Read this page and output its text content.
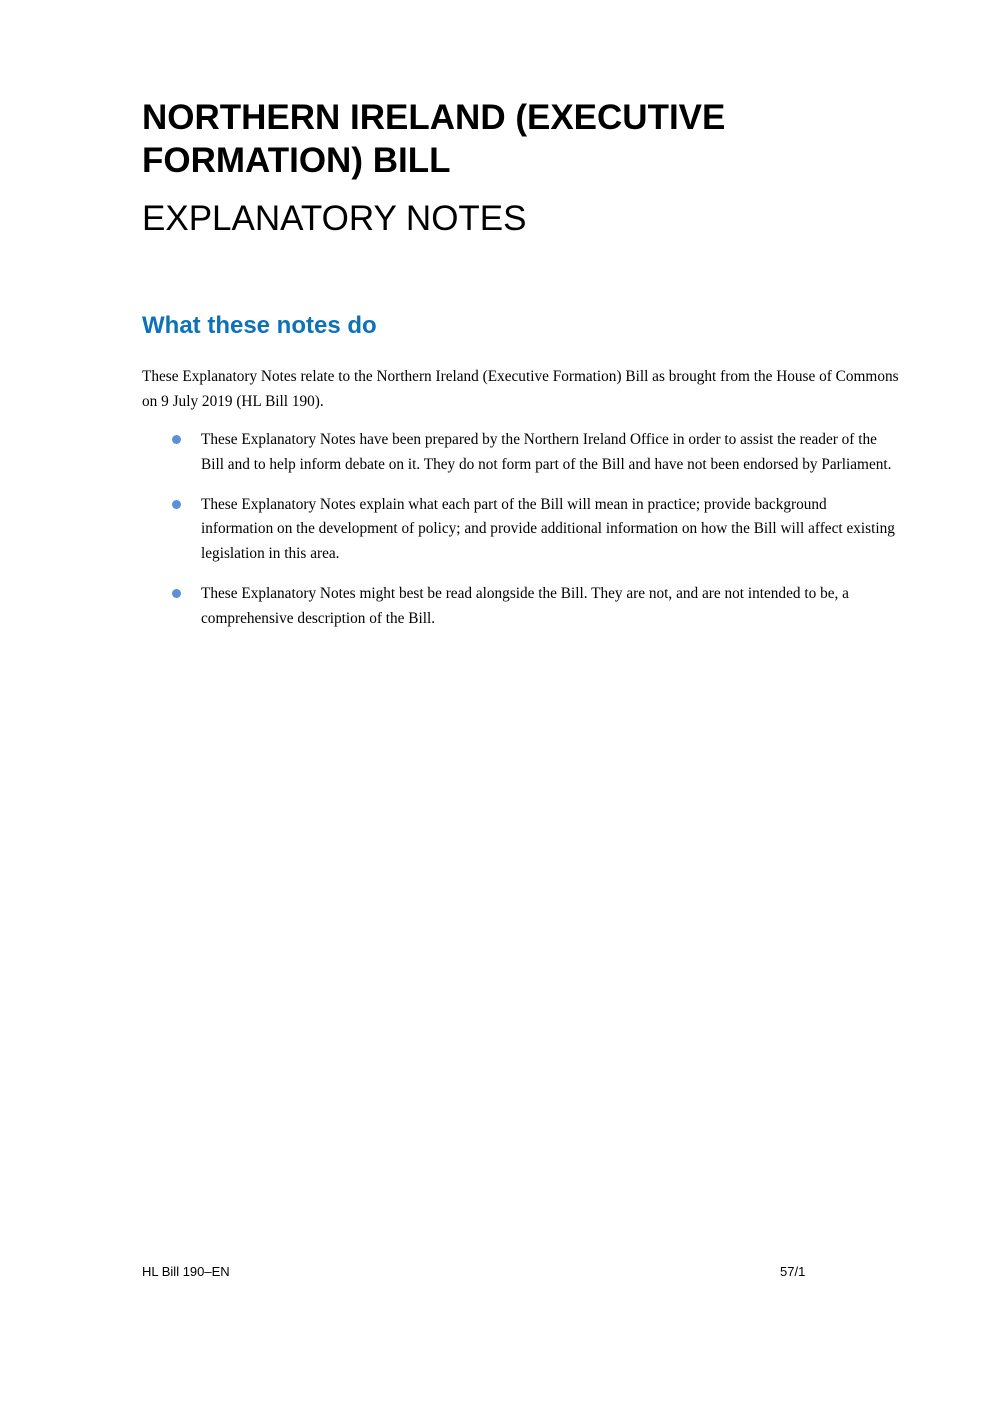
NORTHERN IRELAND (EXECUTIVE FORMATION) BILL
EXPLANATORY NOTES
What these notes do

These Explanatory Notes relate to the Northern Ireland (Executive Formation) Bill as brought from the House of Commons on 9 July 2019 (HL Bill 190).

These Explanatory Notes have been prepared by the Northern Ireland Office in order to assist the reader of the Bill and to help inform debate on it. They do not form part of the Bill and have not been endorsed by Parliament.
These Explanatory Notes explain what each part of the Bill will mean in practice; provide background information on the development of policy; and provide additional information on how the Bill will affect existing legislation in this area.
These Explanatory Notes might best be read alongside the Bill. They are not, and are not intended to be, a comprehensive description of the Bill.
HL Bill 190–EN	57/1
